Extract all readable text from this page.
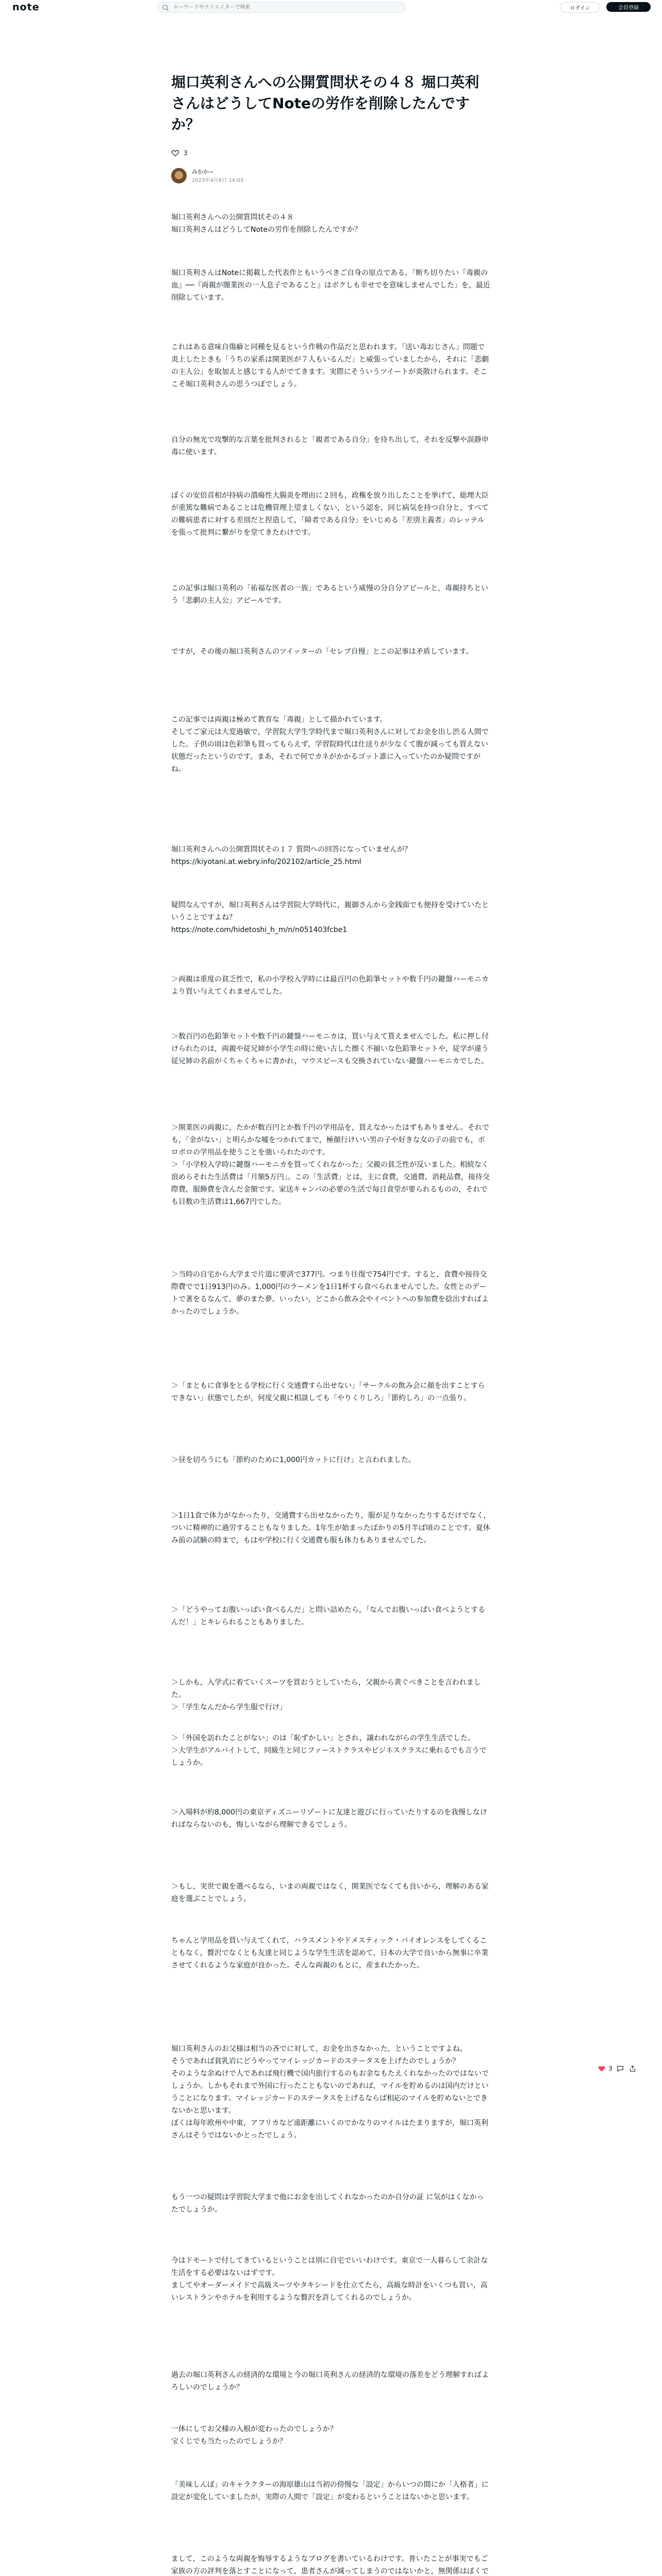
note
キーワードやクリエイターで検索	ログイン	会員登録
堀口英利さんへの公開質問状その４８ 堀口英利さんはどうしてNoteの労作を削除したんですか？
3
みかか~
2023年4月6日 14:03

堀口英利さんへの公開質問状その４８
堀口英利さんはどうしてNoteの労作を削除したんですか？

堀口英利さんはNoteに掲載した代表作ともいうべきご自身の原点である，「断ち切りたい『毒親の血』──『両親が闇業医の一人息子であること』はボクしも幸せでを意味しませんでした」を，最近削除しています。

これはある意味自傷癖と同種を見るという作戦の作品だと思われます。「送い毒おじさん」問題で炎上したときも「うちの家系は開業医が７人もいるんだ」と威張っていましたから，それに「悲劇の主人公」を取加えと感じする人がでてきます。実際にそういうツイートが炎散けられます。そここそ堀口英利さんの思うつぼでしょう。

自分の無光で攻撃的な言葉を批判されると「親者である自分」を待ち出して，それを反撃や誤静申毒に使います。

ぼくの安倍首相が持病の潰瘍性大腸炎を理由に２回も，政権を放り出したことを挙げて，総理大臣が重篤な難病であることは危機管理上望ましくない，という認を，同じ病気を持つ自分と，すべての難病患者に対する差別だと捏造して，「障者である自分」をいじめる「差別主義者」のレッテルを張って批判に繋がりを堂てきたわけです。

この記事は堀口英利の「祐福な医者の一族」であるという威慢の分自分アピールと，毒親持ちという「悲劇の主人公」アピールです。

ですが，その後の堀口英利さんのツイッターの「セレブ自慢」とこの記事は矛盾しています。

この記事では両親は極めて教育な「毒親」として描かれています。
そしてご家元は大変過敏で，学習院大学生学時代まで堀口英利さんに対してお金を出し渋る人間でした。子供の頃は色彩筆も買ってもらえず，学習院時代は仕送りが少なくて腹が減っても買えない状態だったというのです。まあ，それで何でカネがかかるゴット誰に入っていたのか疑問ですがね。

堀口英利さんへの公開質問状その１７ 質問への回答になっていませんが？
https://kiyotani.at.webry.info/202102/article_25.html

疑問なんですが，堀口英利さんは学習院大学時代に，親御さんから金銭面でも便持を受けていたということですよね？
https://note.com/hidetoshi_h_m/n/n051403fcbe1

＞両親は重度の貧乏性で，私の小学校入学時には最百円の色鉛筆セットや数千円の鍵盤ハーモニカより買い与えてくれませんでした。

＞数百円の色鉛筆セットや数千円の鍵盤ハーモニカは，買い与えて貰えませんでした。私に押し付けられたのは，両親や従兄姉が小学生の時に使い古した擦く不揃いな色鉛筆セットや，従学が違う従兄姉の名前がくちゃくちゃに書かれ，マウスピースも交換されていない鍵盤ハーモニカでした。

＞開業医の両親に，たかが数百円とか数千円の学用品を，買えなかったはずもありません。それでも，「金がない」と明らかな嘘をつかれてまで，極顔行けいい男の子や好きな女の子の前でも，ボロボロの学用品を使うことを強いられたのです。
＞「小学校入学時に鍵盤ハーモニカを買ってくれなかった」父親の貧乏性が反いました。相続なく浪めらそれた生活費は「月額5万円」。この「生活費」とは，主に食費，交通費，消耗品費，接待交際費，服飾費を含んだ金額です。家送キャンパの必要の生活で毎日食堂が要られるものの，それでも目数の生活費は1,667円でした。

＞当時の自宅から大学まで片道に要済で377円。つまり往復で754円です。すると，食費や接待交際費でで1日913円のみ。1,000円のラーメンを1日1杯すら食べられませんでした。女性とのデートで著をるなんて，夢のまた夢。いったい，どこから飲み会やイベントへの参加費を捻出すればよかったのでしょうか。

＞「まともに食事をとる学校に行く交通費すら出せない」「サークルの飲み会に顔を出すことすらできない」状態でしたが，何度父親に相談しても「やりくりしろ」「節約しろ」の一点張り。

＞昼を切ろうにも「節約のために1,000円カットに行け」と言われました。

＞1日1食で体力がなかったり，交通費すら出せなかったり，服が足りなかったりするだけでなく，ついに精神的に過労することもなりました。1年生が始まったばかりの5月半ば頃のことです。夏休み前の試験の時まで，もはや学校に行く交通費も服も体力もありませんでした。

＞「どうやってお腹いっぱい食べるんだ」と問い詰めたら，「なんでお腹いっぱい食べようとするんだ！」とキレられることもありました。

＞しかも，入学式に着ていくスーツを買おうとしていたら，父親から黄ぐべきことを言われました。
＞「学生なんだから学生服で行け」

＞「外国を訪れたことがない」のは「恥ずかしい」とされ，譲われながらの学生生活でした。
＞大学生がアルバイトして，同級生と同じファーストクラスやビジネスクラスに乗れるでも言うでしょうか。

＞入場料が約8,000円の東京ディズニーリゾートに友達と遊びに行っていたりするのを我慢しなければならないのも，悔しいながら理解できるでしょう。

＞もし，実世で親を選べるなら，いまの両親ではなく，開業医でなくても良いから，理解のある家庭を選ぶことでしょう。

ちゃんと学用品を買い与えてくれて，ハラスメントやドメスティック・バイオレンスをしてくることもなく，贅沢でなくとも友達と同じような学生生活を認めて，日本の大学で良いから無事に卒業させてくれるような家庭が良かった。そんな両親のもとに，産まれたかった。

堀口英利さんのお父様は相当の吝でに対して，お金を出さなかった，ということですよね。
そうであれば貧乳岩にどうやってマイレッジカードのステータスを上げたのでしょうか？
そのような余ぬけで人であれば飛行機で国内旅行するのもお金なもたえくれなかったのではないでしょうか。しかもそれまで外国に行ったこともないのであれば，マイルを貯めるのは国内だけということになります。マイレッジカードのステータスを上げるならば相応のマイルを貯めないとできないかと思います。
ぼくは毎年欧州や中東，アフリカなど遠距離にいくのでかなりのマイルはたまりますが，堀口英利さんはそうではないかとったでしょう。

もう一つの疑問は学習院大学まで他にお金を出してくれなかったのか自分の証 に気がはくなかったでしょうか。

今はドモートで付してきているということは別に自宅でいいわけです。東京で一人暮らして余計な生活をする必要はないはずです。
ましてやオーダーメイドで高級スーツやタキシードを仕立てたら，高級な時計をいくつも買い，高いレストランやホテルを利用するような贅沢を許してくれるのでしょうか。

過去の堀口英利さんの経済的な環境と今の堀口英利さんの経済的な環境の落差をどう理解すればよろしいのでしょうか？

一体にしてお父様の入根が変わったのでしょうか？
宝くじでも当たったのでしょうか？

「美味しんぼ」のキャラクターの海原雄山は当初の傍慢な「設定」からいつの間にか「人格者」に設定が変化していましたが，実際の人間で「設定」が変わるということはないかと思います。

まして，このような両親を悔辱するようなブログを書いているわけです。普いたことが事実でもご家族の方の評判を落とすことになって，患者さんが減ってしまうのではないかと，無関係はぼくで

3
